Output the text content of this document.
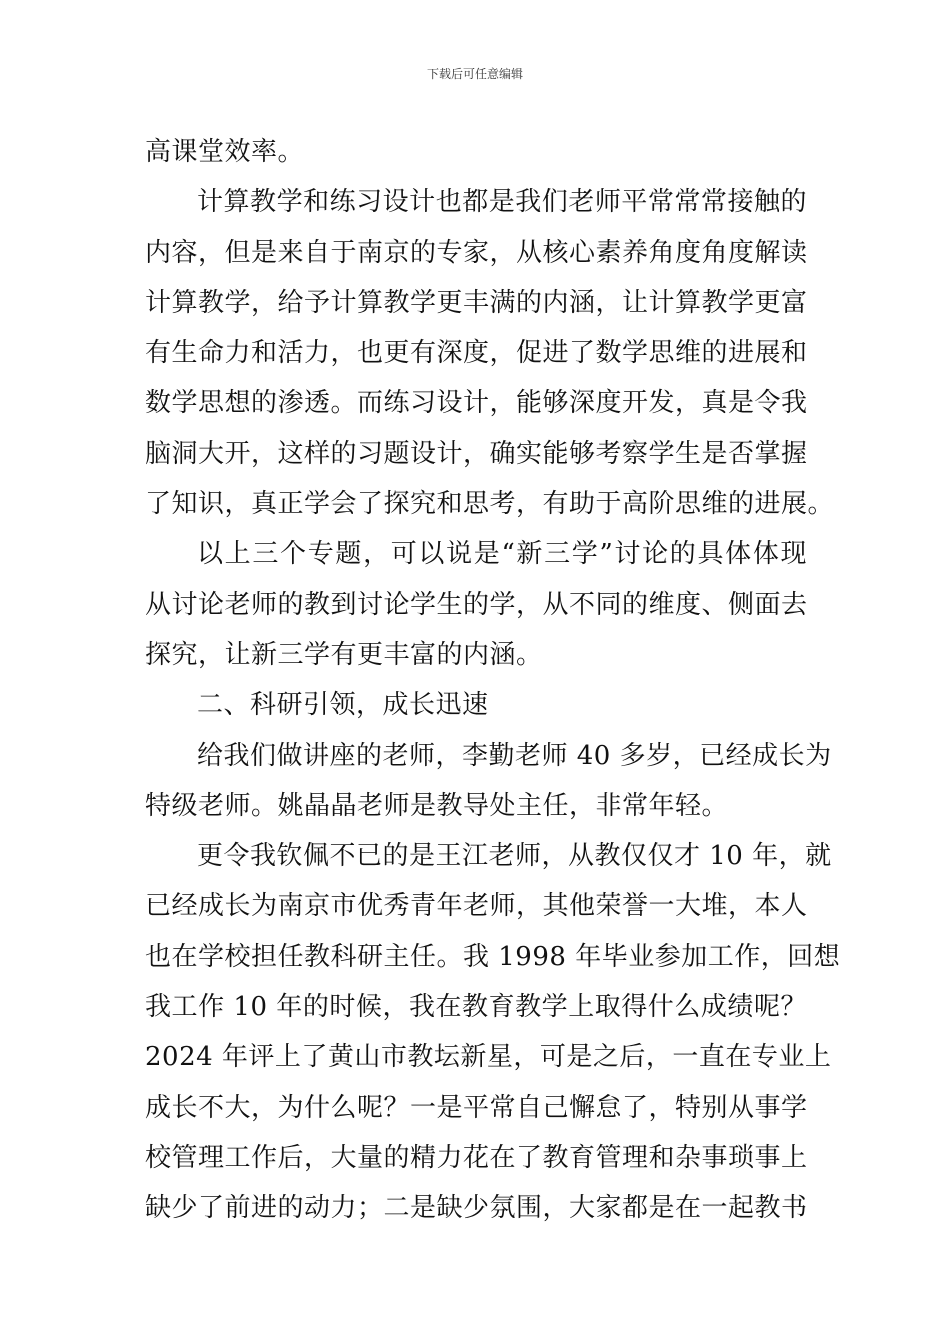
下载后可任意编辑
高课堂效率。
计算教学和练习设计也都是我们老师平常常常接触的
内容，但是来自于南京的专家，从核心素养角度角度解读
计算教学，给予计算教学更丰满的内涵，让计算教学更富
有生命力和活力，也更有深度，促进了数学思维的进展和
数学思想的渗透。而练习设计，能够深度开发，真是令我
脑洞大开，这样的习题设计，确实能够考察学生是否掌握
了知识，真正学会了探究和思考，有助于高阶思维的进展。
以上三个专题，可以说是“新三学”讨论的具体体现
从讨论老师的教到讨论学生的学，从不同的维度、侧面去
探究，让新三学有更丰富的内涵。
二、科研引领，成长迅速
给我们做讲座的老师，李勤老师 40 多岁，已经成长为
特级老师。姚晶晶老师是教导处主任，非常年轻。
更令我钦佩不已的是王江老师，从教仅仅才 10 年，就
已经成长为南京市优秀青年老师，其他荣誉一大堆，本人
也在学校担任教科研主任。我 1998 年毕业参加工作，回想
我工作 10 年的时候，我在教育教学上取得什么成绩呢？
2024 年评上了黄山市教坛新星，可是之后，一直在专业上
成长不大，为什么呢？一是平常自己懈怠了，特别从事学
校管理工作后，大量的精力花在了教育管理和杂事琐事上
缺少了前进的动力；二是缺少氛围，大家都是在一起教书
